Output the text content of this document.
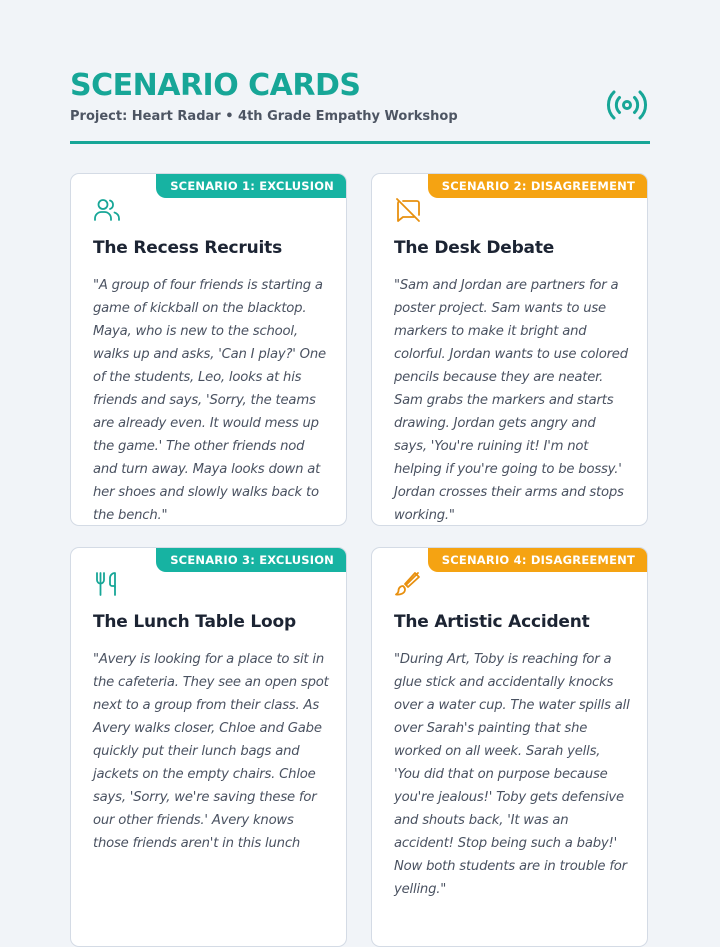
SCENARIO CARDS
Project: Heart Radar • 4th Grade Empathy Workshop
SCENARIO 1: EXCLUSION
The Recess Recruits

"A group of four friends is starting a game of kickball on the blacktop. Maya, who is new to the school, walks up and asks, 'Can I play?' One of the students, Leo, looks at his friends and says, 'Sorry, the teams are already even. It would mess up the game.' The other friends nod and turn away. Maya looks down at her shoes and slowly walks back to the bench."

SCENARIO 2: DISAGREEMENT
The Desk Debate

"Sam and Jordan are partners for a poster project. Sam wants to use markers to make it bright and colorful. Jordan wants to use colored pencils because they are neater. Sam grabs the markers and starts drawing. Jordan gets angry and says, 'You're ruining it! I'm not helping if you're going to be bossy.' Jordan crosses their arms and stops working."

SCENARIO 3: EXCLUSION
The Lunch Table Loop

"Avery is looking for a place to sit in the cafeteria. They see an open spot next to a group from their class. As Avery walks closer, Chloe and Gabe quickly put their lunch bags and jackets on the empty chairs. Chloe says, 'Sorry, we're saving these for our other friends.' Avery knows those friends aren't in this lunch

SCENARIO 4: DISAGREEMENT
The Artistic Accident

"During Art, Toby is reaching for a glue stick and accidentally knocks over a water cup. The water spills all over Sarah's painting that she worked on all week. Sarah yells, 'You did that on purpose because you're jealous!' Toby gets defensive and shouts back, 'It was an accident! Stop being such a baby!' Now both students are in trouble for yelling."
